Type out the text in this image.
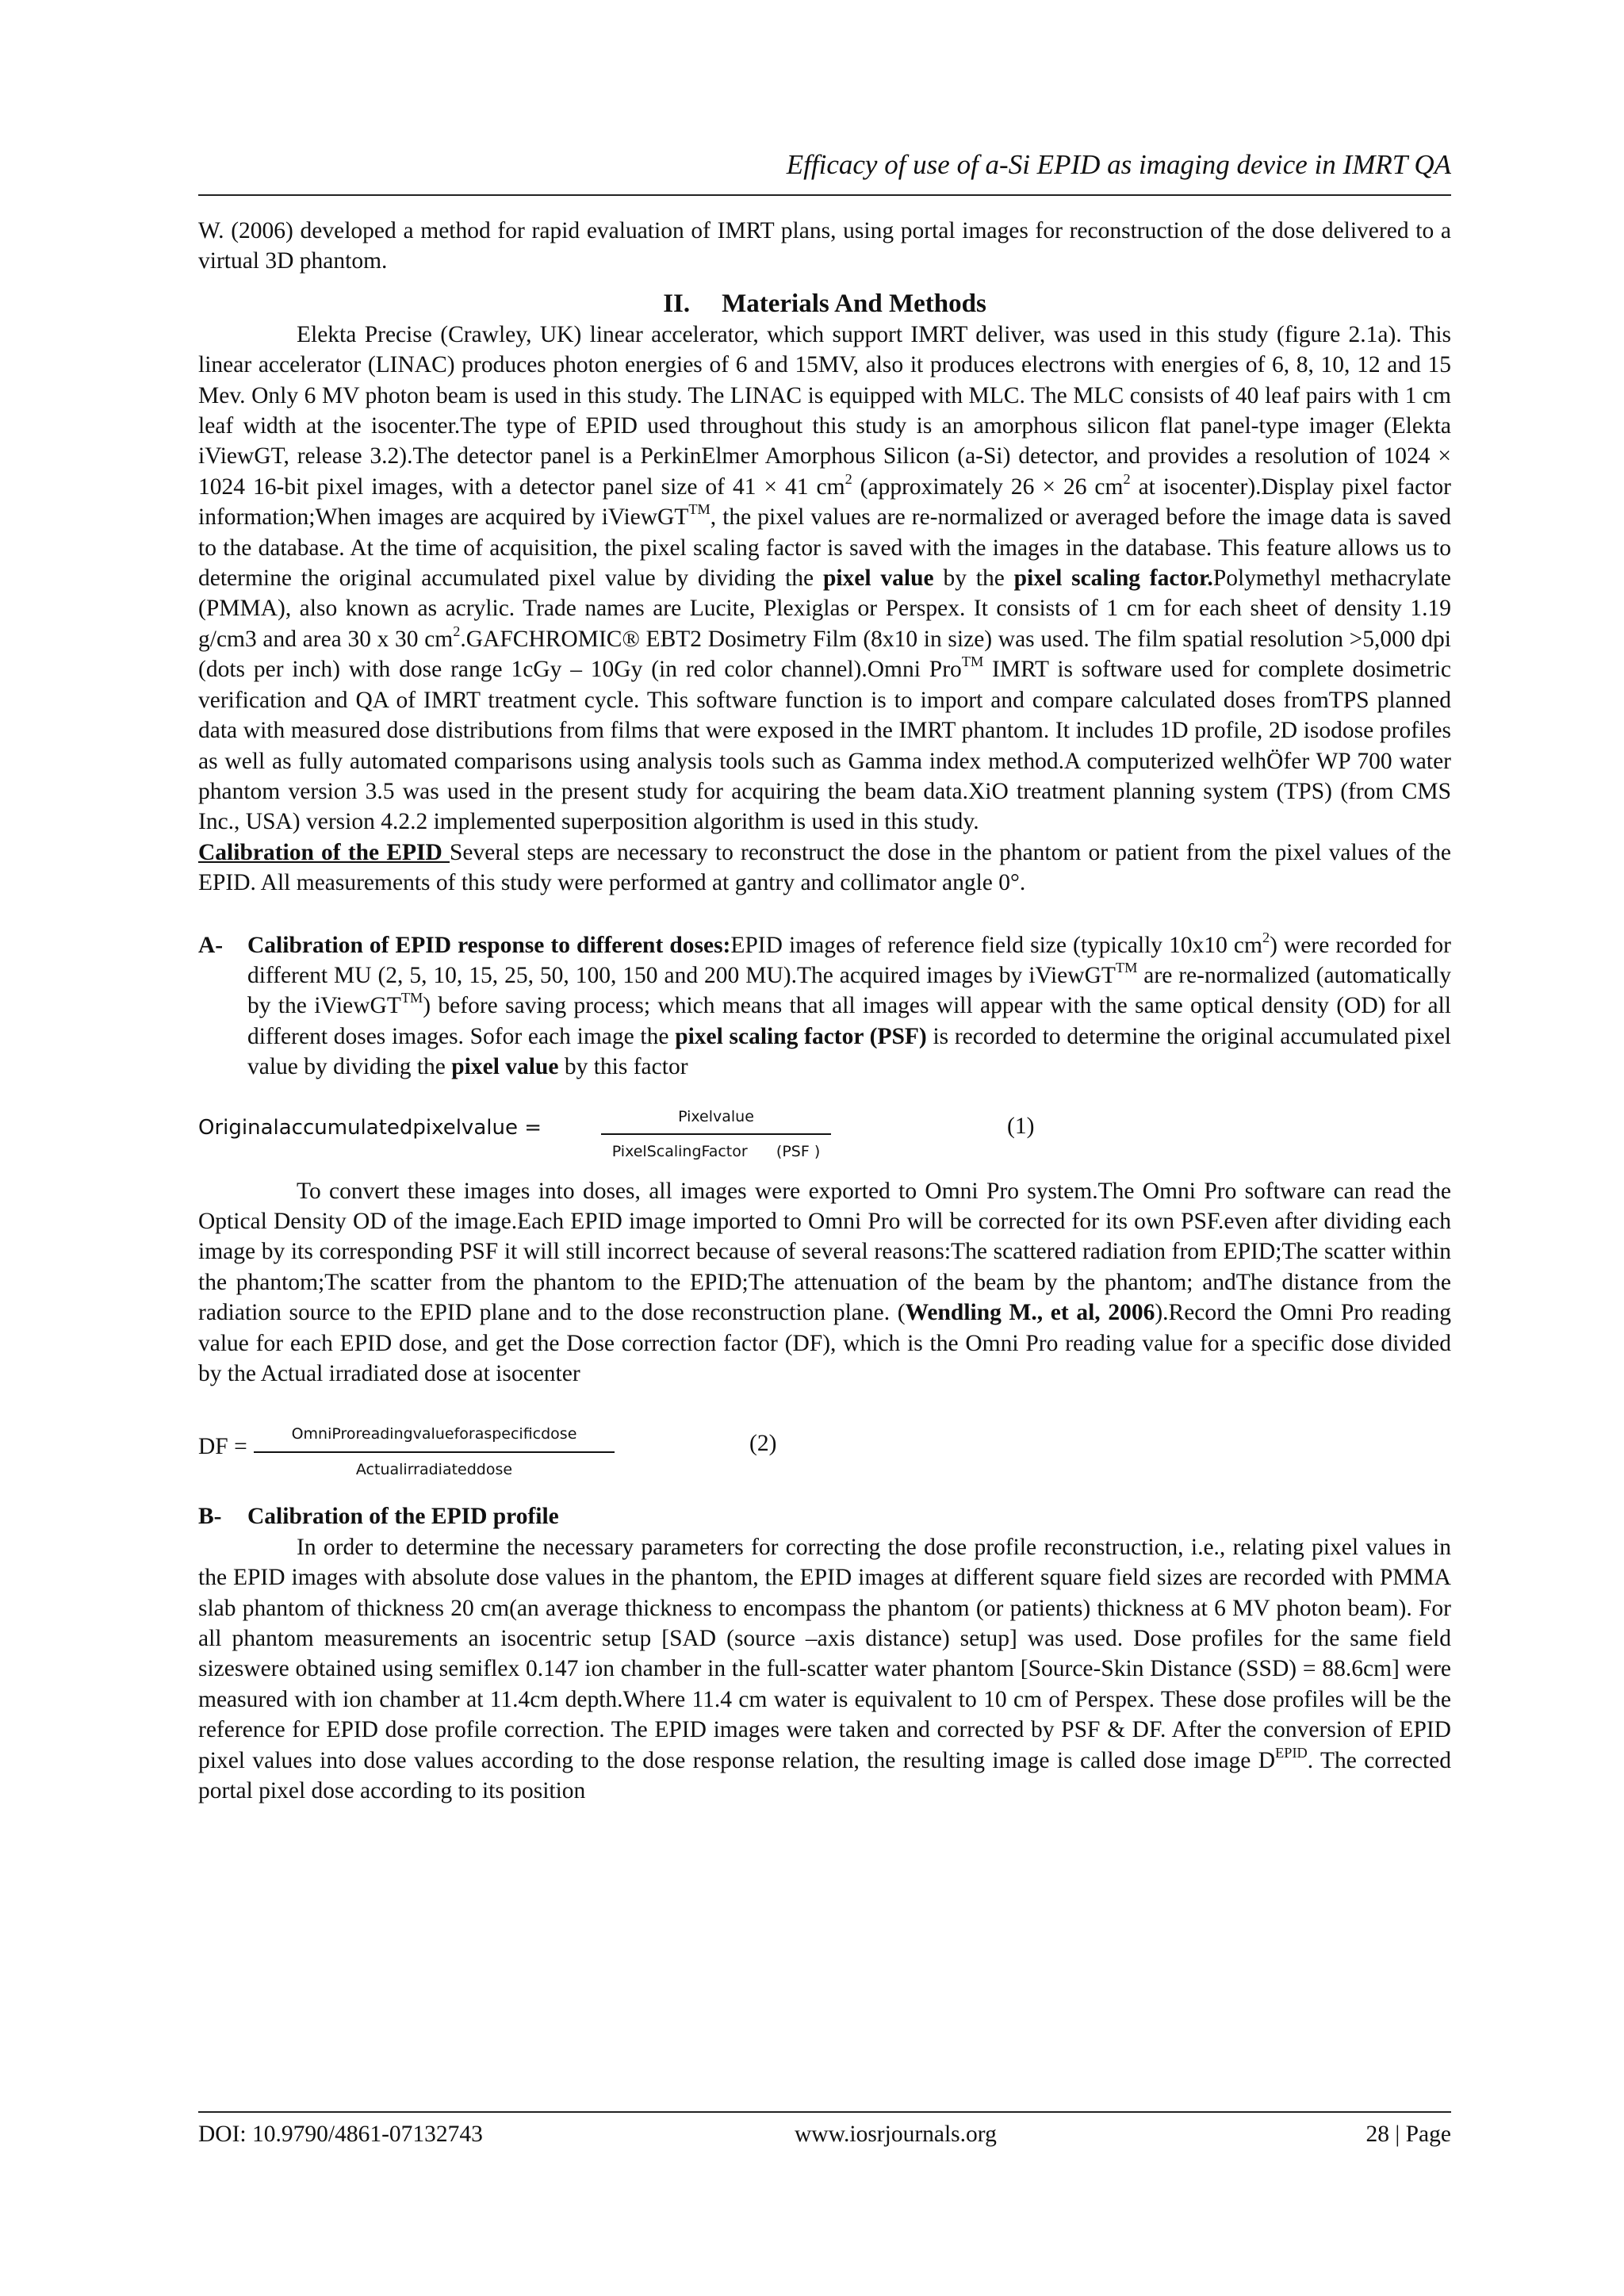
Efficacy of use of a-Si EPID as imaging device in IMRT QA

W. (2006) developed a method for rapid evaluation of IMRT plans, using portal images for reconstruction of the dose delivered to a virtual 3D phantom.

II. Materials And Methods

Elekta Precise (Crawley, UK) linear accelerator, which support IMRT deliver, was used in this study (figure 2.1a). This linear accelerator (LINAC) produces photon energies of 6 and 15MV, also it produces electrons with energies of 6, 8, 10, 12 and 15 Mev. Only 6 MV photon beam is used in this study. The LINAC is equipped with MLC. The MLC consists of 40 leaf pairs with 1 cm leaf width at the isocenter.The type of EPID used throughout this study is an amorphous silicon flat panel-type imager (Elekta iViewGT, release 3.2).The detector panel is a PerkinElmer Amorphous Silicon (a-Si) detector, and provides a resolution of 1024 × 1024 16-bit pixel images, with a detector panel size of 41 × 41 $cm^2$ (approximately 26 × 26 $cm^2$ at isocenter).Display pixel factor information;When images are acquired by iViewGT™, the pixel values are re-normalized or averaged before the image data is saved to the database. At the time of acquisition, the pixel scaling factor is saved with the images in the database. This feature allows us to determine the original accumulated pixel value by dividing the pixel value by the pixel scaling factor.Polymethyl methacrylate (PMMA), also known as acrylic. Trade names are Lucite, Plexiglas or Perspex. It consists of 1 cm for each sheet of density 1.19 g/cm3 and area 30 x 30 $cm^2.GAFCHROMIC®$ EBT2 Dosimetry Film (8x10 in size) was used. The film spatial resolution >5,000 dpi (dots per inch) with dose range 1cGy – 10Gy (in red color channel).Omni Pro™ IMRT is software used for complete dosimetric verification and QA of IMRT treatment cycle. This software function is to import and compare calculated doses fromTPS planned data with measured dose distributions from films that were exposed in the IMRT phantom. It includes 1D profile, 2D isodose profiles as well as fully automated comparisons using analysis tools such as Gamma index method.A computerized welhÖfer WP 700 water phantom version 3.5 was used in the present study for acquiring the beam data.XiO treatment planning system (TPS) (from CMS Inc., USA) version 4.2.2 implemented superposition algorithm is used in this study.
Calibration of the EPID Several steps are necessary to reconstruct the dose in the phantom or patient from the pixel values of the EPID. All measurements of this study were performed at gantry and collimator angle 0°.

A- Calibration of EPID response to different doses:EPID images of reference field size (typically 10x10 $cm^2$) were recorded for different MU (2, 5, 10, 15, 25, 50, 100, 150 and 200 MU).The acquired images by iViewGT™ are re-normalized (automatically by the iViewGT™) before saving process; which means that all images will appear with the same optical density (OD) for all different doses images. Sofor each image the pixel scaling factor (PSF) is recorded to determine the original accumulated pixel value by dividing the pixel value by this factor

Originalaccumulatedpixelvalue =	Pixelvalue
PixelScalingFactor      (PSF )
(1)

To convert these images into doses, all images were exported to Omni Pro system.The Omni Pro software can read the Optical Density OD of the image.Each EPID image imported to Omni Pro will be corrected for its own PSF.even after dividing each image by its corresponding PSF it will still incorrect because of several reasons:The scattered radiation from EPID;The scatter within the phantom;The scatter from the phantom to the EPID;The attenuation of the beam by the phantom; andThe distance from the radiation source to the EPID plane and to the dose reconstruction plane. (Wendling M., et al, 2006).Record the Omni Pro reading value for each EPID dose, and get the Dose correction factor (DF), which is the Omni Pro reading value for a specific dose divided by the Actual irradiated dose at isocenter

DF =	OmniProreadingvalueforaspecificdose
Actualirradiateddose
(2)
B- Calibration of the EPID profile

In order to determine the necessary parameters for correcting the dose profile reconstruction, i.e., relating pixel values in the EPID images with absolute dose values in the phantom, the EPID images at different square field sizes are recorded with PMMA slab phantom of thickness 20 cm(an average thickness to encompass the phantom (or patients) thickness at 6 MV photon beam). For all phantom measurements an isocentric setup [SAD (source –axis distance) setup] was used. Dose profiles for the same field sizeswere obtained using semiflex 0.147 ion chamber in the full-scatter water phantom [Source-Skin Distance (SSD) = 88.6cm] were measured with ion chamber at 11.4cm depth.Where 11.4 cm water is equivalent to 10 cm of Perspex. These dose profiles will be the reference for EPID dose profile correction. The EPID images were taken and corrected by PSF & DF. After the conversion of EPID pixel values into dose values according to the dose response relation, the resulting image is called dose image $D^{EPID}$. The corrected portal pixel dose according to its position

DOI: 10.9790/4861-07132743	www.iosrjournals.org	28 | Page
